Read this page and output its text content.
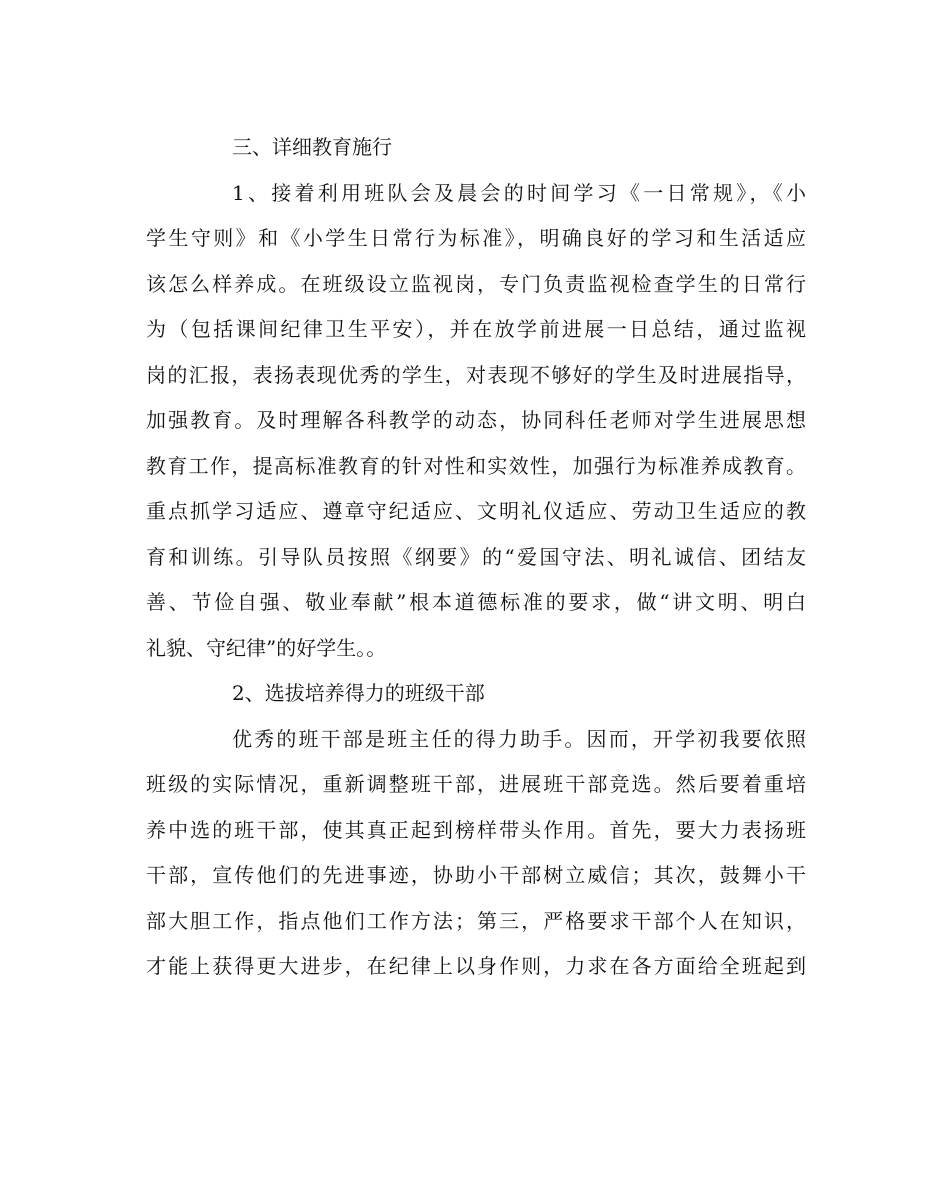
三、详细教育施行
1、接着利用班队会及晨会的时间学习《一日常规》，《小
学生守则》和《小学生日常行为标准》，明确良好的学习和生活适应
该怎么样养成。在班级设立监视岗，专门负责监视检查学生的日常行
为（包括课间纪律卫生平安），并在放学前进展一日总结，通过监视
岗的汇报，表扬表现优秀的学生，对表现不够好的学生及时进展指导，
加强教育。及时理解各科教学的动态，协同科任老师对学生进展思想
教育工作，提高标准教育的针对性和实效性，加强行为标准养成教育。
重点抓学习适应、遵章守纪适应、文明礼仪适应、劳动卫生适应的教
育和训练。引导队员按照《纲要》的“爱国守法、明礼诚信、团结友
善、节俭自强、敬业奉献”根本道德标准的要求，做“讲文明、明白
礼貌、守纪律”的好学生。。
2、选拔培养得力的班级干部
优秀的班干部是班主任的得力助手。因而，开学初我要依照
班级的实际情况，重新调整班干部，进展班干部竞选。然后要着重培
养中选的班干部，使其真正起到榜样带头作用。首先，要大力表扬班
干部，宣传他们的先进事迹，协助小干部树立威信；其次，鼓舞小干
部大胆工作，指点他们工作方法；第三，严格要求干部个人在知识，
才能上获得更大进步，在纪律上以身作则，力求在各方面给全班起到
